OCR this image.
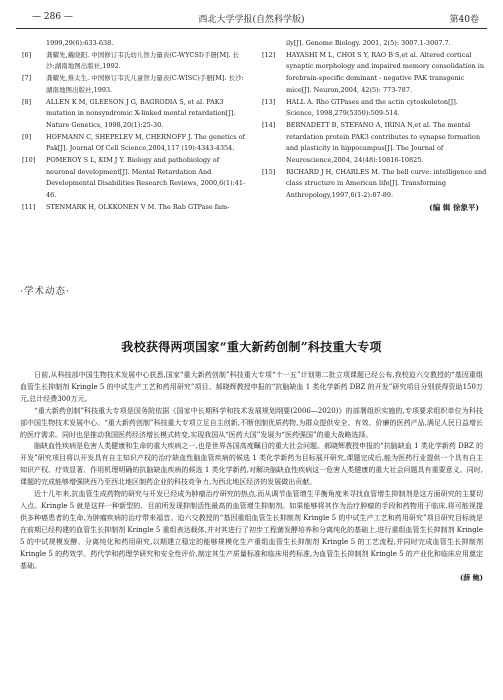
— 286 —	西北大学学报(自然科学版)	第40卷
1999,29(6):633-638.
[6] 龚耀先,戴晓阳. 中国修订韦氏幼儿智力量表(C-WYCSI)手册[M]. 长沙:湖南地图出版社,1992.
[7] 龚耀先,蔡太生. 中国修订韦氏儿童智力量表(C-WISC)手册[M]. 长沙:湖南地图出版社,1993.
[8] ALLEN K M, GLEESON J G, BAGRODIA S, et al. PAK3 mutation in nonsyndromic X-linked mental retardation[J]. Nature Genetics, 1998,20(1):25-30.
[9] HOFMANN C, SHEPELEV M, CHERNOFF J. The genetics of Pak[J]. Journal Of Cell Science,2004,117 (19):4343-4354.
[10] POMEROY S L, KIM J Y. Biology and pathobiology of neuronal development[J]. Mental Retardation And Developmental Disabilities Research Reviews, 2000,6(1):41-46.
[11] STENMARK H, OLKKONEN V M. The Rab GTPase fam-
ily[J]. Genome Biology. 2001, 2(5): 3007.1-3007.7.
[12] HAYASHI M L, CHOI S Y, RAO B S,et al. Altered cortical synaptic morphology and impaired memory consolidation in forebrain-specific dominant - negative PAK transgenic mice[J]. Neuron,2004, 42(5): 773-787.
[13] HALL A. Rho GTPases and the actin cytoskeleton[J]. Science, 1998,279(5350):509-514.
[14] BERNADETT B, STEFANO A, IRINA N,et al. The mental retardation protein PAK3 contributes to synapse formation and plasticity in hippocampus[J]. The Journal of Neuroscience,2004, 24(48):10816-10825.
[15] RICHARD J H, CHARLES M. The bell curve: intelligence and class structure in American life[J]. Transforming Anthropology,1997,6(1-2):87-89.
(编 辑 徐象平)
·学术动态·
我校获得两项国家“重大新药创制”科技重大专项

日前,从科技部中国生物技术发展中心获悉,国家“重大新药创制”科技重大专项“十一五”计划第二批立项课题已经公布,我校迫六交教授的“基因重组血管生长抑制剂 Kringle 5 的中试生产工艺和药用研究”项目、郝晓辉教授申报的“抗脑缺血 1 类化学新药 DBZ 的开发”研究项目分别获得资助150万元,总计经费300万元。

“重大新药创制”科技重大专项是国务院依据《国家中长期科学和技术发展规划纲要(2006—2020)》的部署组织实施的,专项要求组织单位为科技部中国生物技术发展中心。“重大新药创制”科技重大专项立足自主创新,不断创制优质药物,为群众提供安全、有效、价廉的医药产品,满足人民日益增长的医疗需求。同时也是推动我国医药经济增长模式转变,实现我国从“医药大国”发展为“医药强国”的重大战略选择。

脑缺血性疾病是危害人类健康和生命的重大疾病之一,也是世界各国高度瞩目的重大社会问题。郝晓辉教授申报的“抗脑缺血 1 类化学新药 DBZ 的开发”研究项目将以开发具有自主知识产权的治疗缺血性脑血管疾病的候选 1 类化学新药为目标展开研究,课题完成后,能为医药行业提供一个具有自主知识产权、疗效显著、作用机理明确的抗脑缺血疾病的候选 1 类化学新药,对解决脑缺血性疾病这一危害人类健康的重大社会问题具有重要意义。同时,课题的完成能够增强陕西乃至西北地区制药企业的科技竞争力,为西北地区经济的发展做出贡献。

近十几年来,抗血管生成药物的研究与开发已经成为肿瘤治疗研究的热点,而从调节血管增生平衡角度来寻找血管增生抑制剂是这方面研究的主要切入点。Kringle 5 就是这样一种新型的、目前所发现抑制活性最高的血管增生抑制剂。如果能够将其作为治疗肿瘤的手段和药物用于临床,将可能视提供多种癌患者的生命,为肿瘤疾病的治疗带来福音。迫六交教授的“基因重组血管生长抑制剂 Kringle 5 的中试生产工艺和药用研究”项目研究目标就是在前期已经构建的血管生长抑制剂 Kringle 5 重组表达载体,并对其进行了初步工程菌发酵培养和分离纯化的基础上,进行重组血管生长抑制剂 Kringle 5 的中试规模发酵、分离纯化和药用研究,以期建立稳定的能够规模化生产重组血管生长抑制剂 Kringle 5 的工艺流程,并同时完成血管生长抑制剂 Kringle 5 的药效学、药代学和药理学研究和安全性评价,制定其生产质量标准和临床用药标准,为血管生长抑制剂 Kringle 5 的产业化和临床应用奠定基础。

(薛 鲍)
